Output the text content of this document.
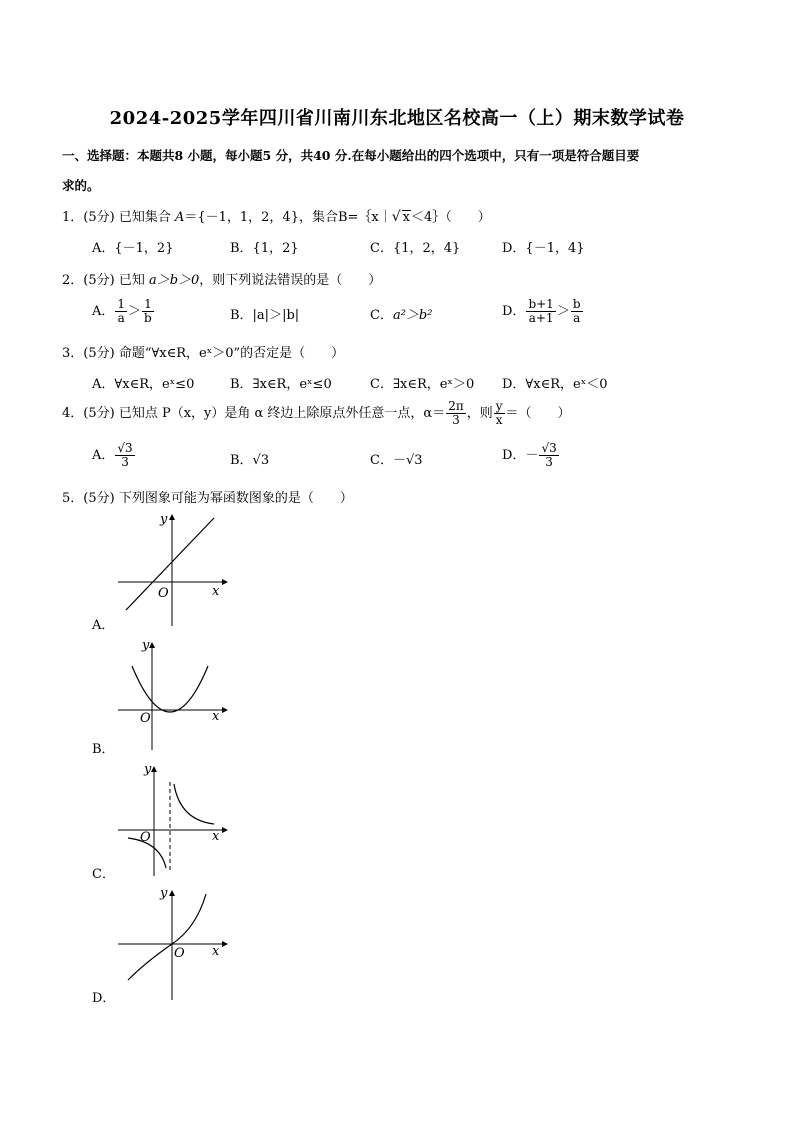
2024-2025学年四川省川南川东北地区名校高一（上）期末数学试卷
一、选择题：本题共8 小题，每小题5 分，共40 分.在每小题给出的四个选项中，只有一项是符合题目要
求的。
1．(5分) 已知集合 A＝{－1，1，2，4}，集合B=｛x｜√ x＜4｝（　　）
A．{－1，2}	B．{1，2}	C．{1，2，4}	D．{－1，4}
2．(5分) 已知 a＞b＞0，则下列说法错误的是（　　）
A． $\frac{1}{a} > \frac{1}{b}$	B．|a|＞|b|	C．a²＞b²	D． $\frac{b+1}{a+1} > \frac{b}{a}$
3．(5分) 命题“∀x∈R，eˣ＞0”的否定是（　　）
A．∀x∈R，eˣ≤0	B．∃x∈R，eˣ≤0	C．∃x∈R，eˣ＞0 D．∀x∈R，eˣ＜0
4．(5分) 已知点 P（x，y）是角 α 终边上除原点外任意一点，$\alpha= \frac{2\pi}{3}$ ，则 $\frac{y}{x}$ ＝（　　）
A． $\frac{√3}{3}$	B．√3	C．－√3	D．－ $\frac{√3}{3}$
5．(5分) 下列图象可能为幂函数图象的是（　　）
y
x
O
A．
y
x
O
B．
y
x
O
C．
y
x
O
D．
